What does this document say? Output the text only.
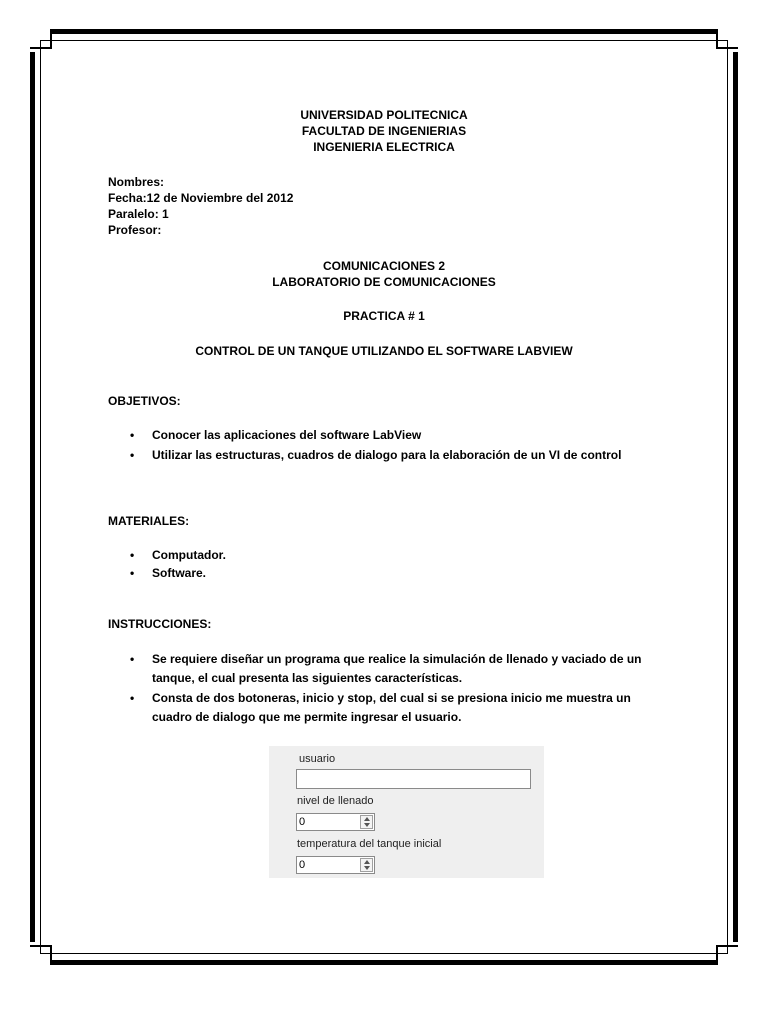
UNIVERSIDAD POLITECNICA
FACULTAD DE INGENIERIAS
INGENIERIA ELECTRICA
Nombres:
Fecha:12 de Noviembre del 2012
Paralelo: 1
Profesor:
COMUNICACIONES 2
LABORATORIO DE COMUNICACIONES
PRACTICA # 1
CONTROL DE UN TANQUE UTILIZANDO EL SOFTWARE LABVIEW
OBJETIVOS:
• Conocer las aplicaciones del software LabView
• Utilizar las estructuras, cuadros de dialogo para la elaboración de un VI de control
MATERIALES:
• Computador.
• Software.
INSTRUCCIONES:
• Se requiere diseñar un programa que realice la simulación de llenado y vaciado de un tanque, el cual presenta las siguientes características.
• Consta de dos botoneras, inicio y stop, del cual si se presiona inicio me muestra un cuadro de dialogo que me permite ingresar el usuario.
usuario
nivel de llenado
0
temperatura del tanque inicial
0
